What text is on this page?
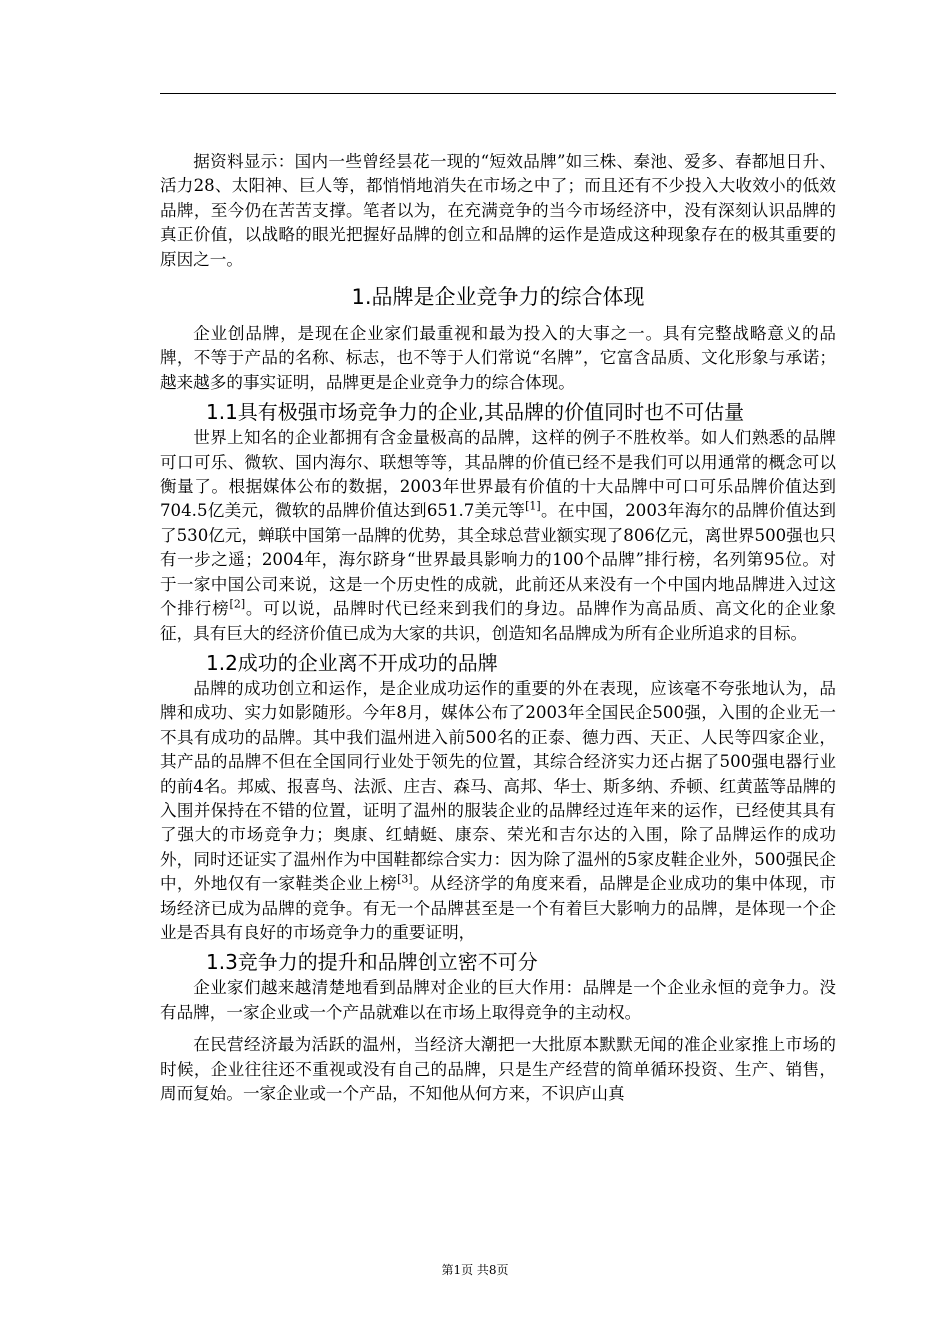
据资料显示：国内一些曾经昙花一现的“短效品牌”如三株、秦池、爱多、春都旭日升、活力28、太阳神、巨人等，都悄悄地消失在市场之中了；而且还有不少投入大收效小的低效品牌，至今仍在苦苦支撑。笔者以为，在充满竞争的当今市场经济中，没有深刻认识品牌的真正价值，以战略的眼光把握好品牌的创立和品牌的运作是造成这种现象存在的极其重要的原因之一。

1.品牌是企业竞争力的综合体现

企业创品牌，是现在企业家们最重视和最为投入的大事之一。具有完整战略意义的品牌，不等于产品的名称、标志，也不等于人们常说“名牌”，它富含品质、文化形象与承诺；越来越多的事实证明，品牌更是企业竞争力的综合体现。

1.1具有极强市场竞争力的企业,其品牌的价值同时也不可估量

世界上知名的企业都拥有含金量极高的品牌，这样的例子不胜枚举。如人们熟悉的品牌可口可乐、微软、国内海尔、联想等等，其品牌的价值已经不是我们可以用通常的概念可以衡量了。根据媒体公布的数据，2003年世界最有价值的十大品牌中可口可乐品牌价值达到704.5亿美元，微软的品牌价值达到651.7美元等[1]。在中国，2003年海尔的品牌价值达到了530亿元，蝉联中国第一品牌的优势，其全球总营业额实现了806亿元，离世界500强也只有一步之遥；2004年，海尔跻身“世界最具影响力的100个品牌”排行榜，名列第95位。对于一家中国公司来说，这是一个历史性的成就，此前还从来没有一个中国内地品牌进入过这个排行榜[2]。可以说，品牌时代已经来到我们的身边。品牌作为高品质、高文化的企业象征，具有巨大的经济价值已成为大家的共识，创造知名品牌成为所有企业所追求的目标。

1.2成功的企业离不开成功的品牌

品牌的成功创立和运作，是企业成功运作的重要的外在表现，应该毫不夸张地认为，品牌和成功、实力如影随形。今年8月，媒体公布了2003年全国民企500强，入围的企业无一不具有成功的品牌。其中我们温州进入前500名的正泰、德力西、天正、人民等四家企业，其产品的品牌不但在全国同行业处于领先的位置，其综合经济实力还占据了500强电器行业的前4名。邦威、报喜鸟、法派、庄吉、森马、高邦、华士、斯多纳、乔顿、红黄蓝等品牌的入围并保持在不错的位置，证明了温州的服装企业的品牌经过连年来的运作，已经使其具有了强大的市场竞争力；奥康、红蜻蜓、康奈、荣光和吉尔达的入围，除了品牌运作的成功外，同时还证实了温州作为中国鞋都综合实力：因为除了温州的5家皮鞋企业外，500强民企中，外地仅有一家鞋类企业上榜[3]。从经济学的角度来看，品牌是企业成功的集中体现，市场经济已成为品牌的竞争。有无一个品牌甚至是一个有着巨大影响力的品牌，是体现一个企业是否具有良好的市场竞争力的重要证明，

1.3竞争力的提升和品牌创立密不可分

企业家们越来越清楚地看到品牌对企业的巨大作用：品牌是一个企业永恒的竞争力。没有品牌，一家企业或一个产品就难以在市场上取得竞争的主动权。

在民营经济最为活跃的温州，当经济大潮把一大批原本默默无闻的准企业家推上市场的时候，企业往往还不重视或没有自己的品牌，只是生产经营的简单循环投资、生产、销售，周而复始。一家企业或一个产品，不知他从何方来，不识庐山真

第1页 共8页
